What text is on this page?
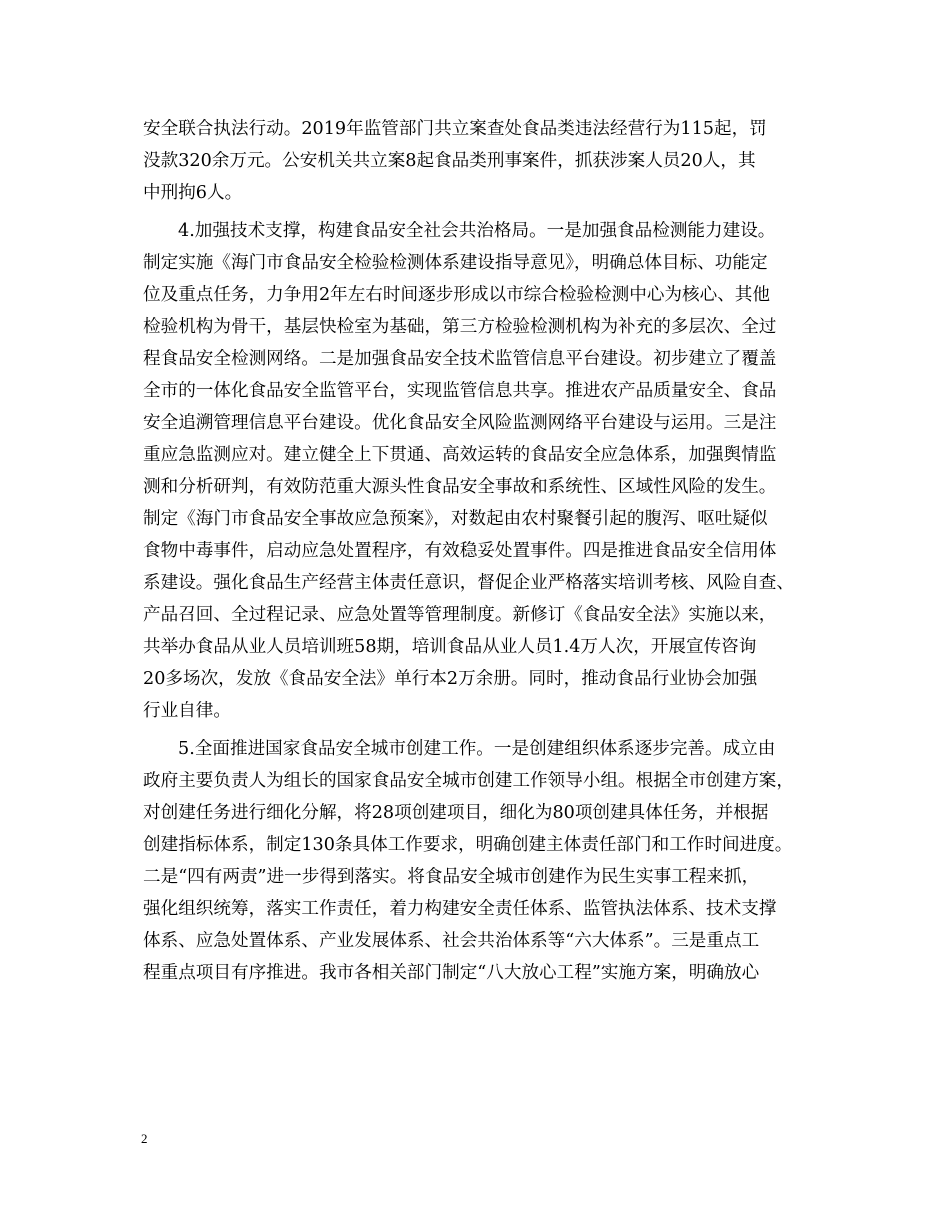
安全联合执法行动。2019年监管部门共立案查处食品类违法经营行为115起，罚
没款320余万元。公安机关共立案8起食品类刑事案件，抓获涉案人员20人，其
中刑拘6人。
4.加强技术支撑，构建食品安全社会共治格局。一是加强食品检测能力建设。
制定实施《海门市食品安全检验检测体系建设指导意见》，明确总体目标、功能定
位及重点任务，力争用2年左右时间逐步形成以市综合检验检测中心为核心、其他
检验机构为骨干，基层快检室为基础，第三方检验检测机构为补充的多层次、全过
程食品安全检测网络。二是加强食品安全技术监管信息平台建设。初步建立了覆盖
全市的一体化食品安全监管平台，实现监管信息共享。推进农产品质量安全、食品
安全追溯管理信息平台建设。优化食品安全风险监测网络平台建设与运用。三是注
重应急监测应对。建立健全上下贯通、高效运转的食品安全应急体系，加强舆情监
测和分析研判，有效防范重大源头性食品安全事故和系统性、区域性风险的发生。
制定《海门市食品安全事故应急预案》，对数起由农村聚餐引起的腹泻、呕吐疑似
食物中毒事件，启动应急处置程序，有效稳妥处置事件。四是推进食品安全信用体
系建设。强化食品生产经营主体责任意识，督促企业严格落实培训考核、风险自查、
产品召回、全过程记录、应急处置等管理制度。新修订《食品安全法》实施以来，
共举办食品从业人员培训班58期，培训食品从业人员1.4万人次，开展宣传咨询
20多场次，发放《食品安全法》单行本2万余册。同时，推动食品行业协会加强
行业自律。
5.全面推进国家食品安全城市创建工作。一是创建组织体系逐步完善。成立由
政府主要负责人为组长的国家食品安全城市创建工作领导小组。根据全市创建方案，
对创建任务进行细化分解，将28项创建项目，细化为80项创建具体任务，并根据
创建指标体系，制定130条具体工作要求，明确创建主体责任部门和工作时间进度。
二是“四有两责”进一步得到落实。将食品安全城市创建作为民生实事工程来抓，
强化组织统筹，落实工作责任，着力构建安全责任体系、监管执法体系、技术支撑
体系、应急处置体系、产业发展体系、社会共治体系等“六大体系”。三是重点工
程重点项目有序推进。我市各相关部门制定“八大放心工程”实施方案，明确放心
2
